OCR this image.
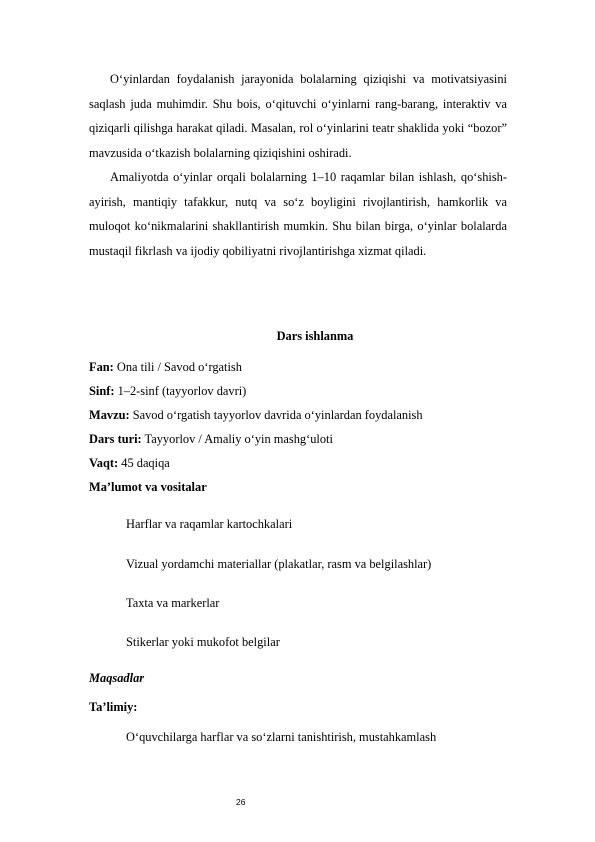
O‘yinlardan foydalanish jarayonida bolalarning qiziqishi va motivatsiyasini saqlash juda muhimdir. Shu bois, o‘qituvchi o‘yinlarni rang-barang, interaktiv va qiziqarli qilishga harakat qiladi. Masalan, rol o‘yinlarini teatr shaklida yoki “bozor” mavzusida o‘tkazish bolalarning qiziqishini oshiradi.

Amaliyotda o‘yinlar orqali bolalarning 1–10 raqamlar bilan ishlash, qo‘shish-ayirish, mantiqiy tafakkur, nutq va so‘z boyligini rivojlantirish, hamkorlik va muloqot ko‘nikmalarini shakllantirish mumkin. Shu bilan birga, o‘yinlar bolalarda mustaqil fikrlash va ijodiy qobiliyatni rivojlantirishga xizmat qiladi.

Dars ishlanma

Fan: Ona tili / Savod o‘rgatish

Sinf: 1–2-sinf (tayyorlov davri)

Mavzu: Savod o‘rgatish tayyorlov davrida o‘yinlardan foydalanish

Dars turi: Tayyorlov / Amaliy o‘yin mashg‘uloti

Vaqt: 45 daqiqa

Ma’lumot va vositalar

Harflar va raqamlar kartochkalari

Vizual yordamchi materiallar (plakatlar, rasm va belgilashlar)

Taxta va markerlar

Stikerlar yoki mukofot belgilar

Maqsadlar

Ta’limiy:

O‘quvchilarga harflar va so‘zlarni tanishtirish, mustahkamlash

26
